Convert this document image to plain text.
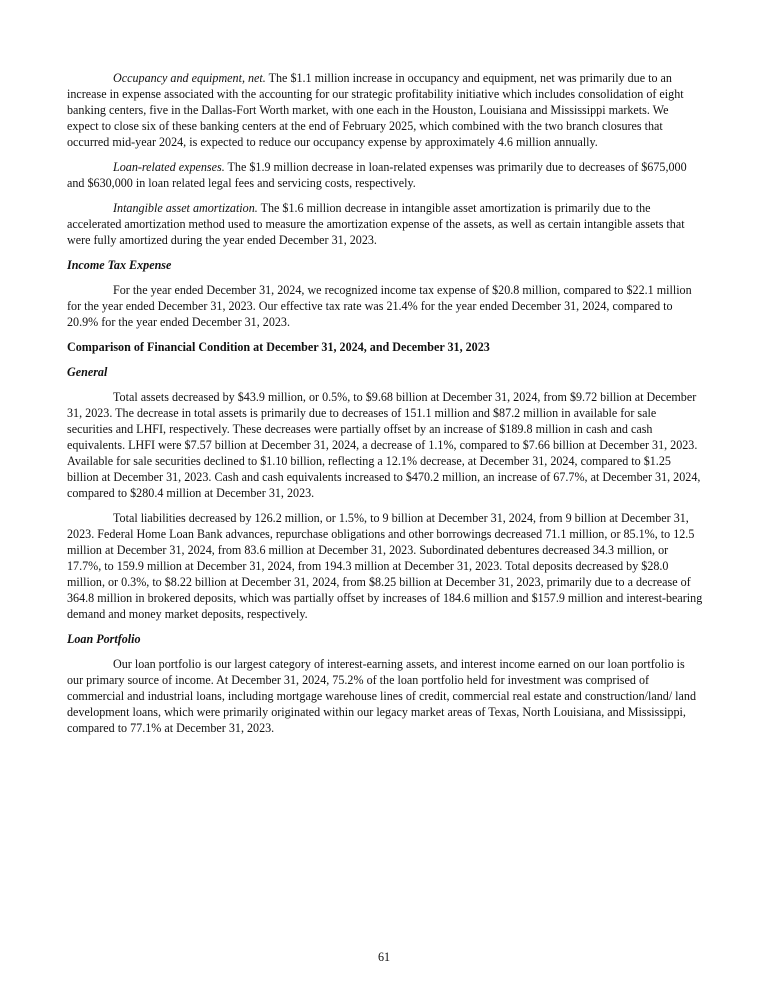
Occupancy and equipment, net. The $1.1 million increase in occupancy and equipment, net was primarily due to an increase in expense associated with the accounting for our strategic profitability initiative which includes consolidation of eight banking centers, five in the Dallas-Fort Worth market, with one each in the Houston, Louisiana and Mississippi markets. We expect to close six of these banking centers at the end of February 2025, which combined with the two branch closures that occurred mid-year 2024, is expected to reduce our occupancy expense by approximately 4.6 million annually.

Loan-related expenses. The $1.9 million decrease in loan-related expenses was primarily due to decreases of $675,000 and $630,000 in loan related legal fees and servicing costs, respectively.

Intangible asset amortization. The $1.6 million decrease in intangible asset amortization is primarily due to the accelerated amortization method used to measure the amortization expense of the assets, as well as certain intangible assets that were fully amortized during the year ended December 31, 2023.

Income Tax Expense

For the year ended December 31, 2024, we recognized income tax expense of $20.8 million, compared to $22.1 million for the year ended December 31, 2023. Our effective tax rate was 21.4% for the year ended December 31, 2024, compared to 20.9% for the year ended December 31, 2023.

Comparison of Financial Condition at December 31, 2024, and December 31, 2023
General

Total assets decreased by $43.9 million, or 0.5%, to $9.68 billion at December 31, 2024, from $9.72 billion at December 31, 2023. The decrease in total assets is primarily due to decreases of 151.1 million and $87.2 million in available for sale securities and LHFI, respectively. These decreases were partially offset by an increase of $189.8 million in cash and cash equivalents. LHFI were $7.57 billion at December 31, 2024, a decrease of 1.1%, compared to $7.66 billion at December 31, 2023. Available for sale securities declined to $1.10 billion, reflecting a 12.1% decrease, at December 31, 2024, compared to $1.25 billion at December 31, 2023. Cash and cash equivalents increased to $470.2 million, an increase of 67.7%, at December 31, 2024, compared to $280.4 million at December 31, 2023.

Total liabilities decreased by 126.2 million, or 1.5%, to 9 billion at December 31, 2024, from 9 billion at December 31, 2023. Federal Home Loan Bank advances, repurchase obligations and other borrowings decreased 71.1 million, or 85.1%, to 12.5 million at December 31, 2024, from 83.6 million at December 31, 2023. Subordinated debentures decreased 34.3 million, or 17.7%, to 159.9 million at December 31, 2024, from 194.3 million at December 31, 2023. Total deposits decreased by $28.0 million, or 0.3%, to $8.22 billion at December 31, 2024, from $8.25 billion at December 31, 2023, primarily due to a decrease of 364.8 million in brokered deposits, which was partially offset by increases of 184.6 million and $157.9 million and interest-bearing demand and money market deposits, respectively.

Loan Portfolio

Our loan portfolio is our largest category of interest-earning assets, and interest income earned on our loan portfolio is our primary source of income. At December 31, 2024, 75.2% of the loan portfolio held for investment was comprised of commercial and industrial loans, including mortgage warehouse lines of credit, commercial real estate and construction/land/ land development loans, which were primarily originated within our legacy market areas of Texas, North Louisiana, and Mississippi, compared to 77.1% at December 31, 2023.

61
